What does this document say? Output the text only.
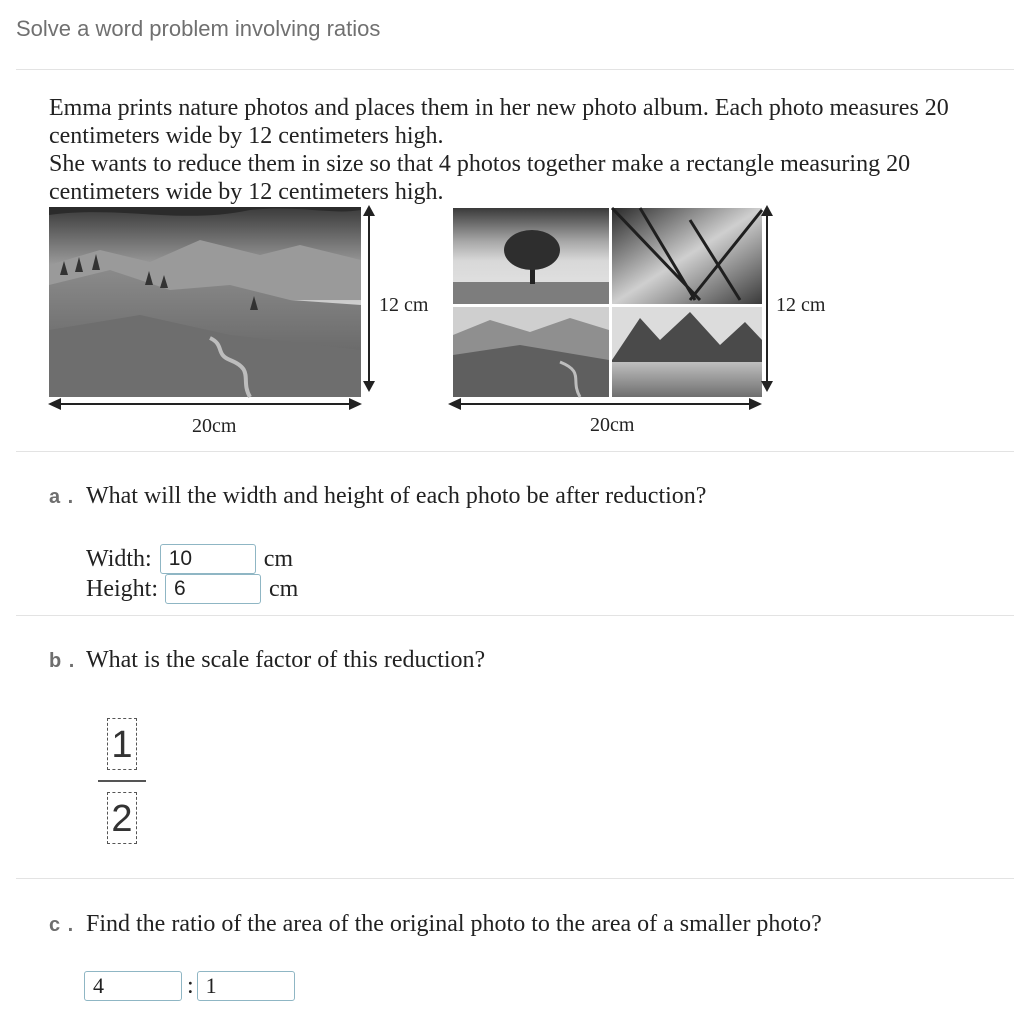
Solve a word problem involving ratios

Emma prints nature photos and places them in her new photo album. Each photo measures 20 centimeters wide by 12 centimeters high.

She wants to reduce them in size so that 4 photos together make a rectangle measuring 20 centimeters wide by 12 centimeters high.

12 cm
20cm
12 cm
20cm
a . What will the width and height of each photo be after reduction?
Width: 10	cm
Height: 6	cm
b . What is the scale factor of this reduction?
$\frac{1}{2}$
c . Find the ratio of the area of the original photo to the area of a smaller photo?
4	: 1
